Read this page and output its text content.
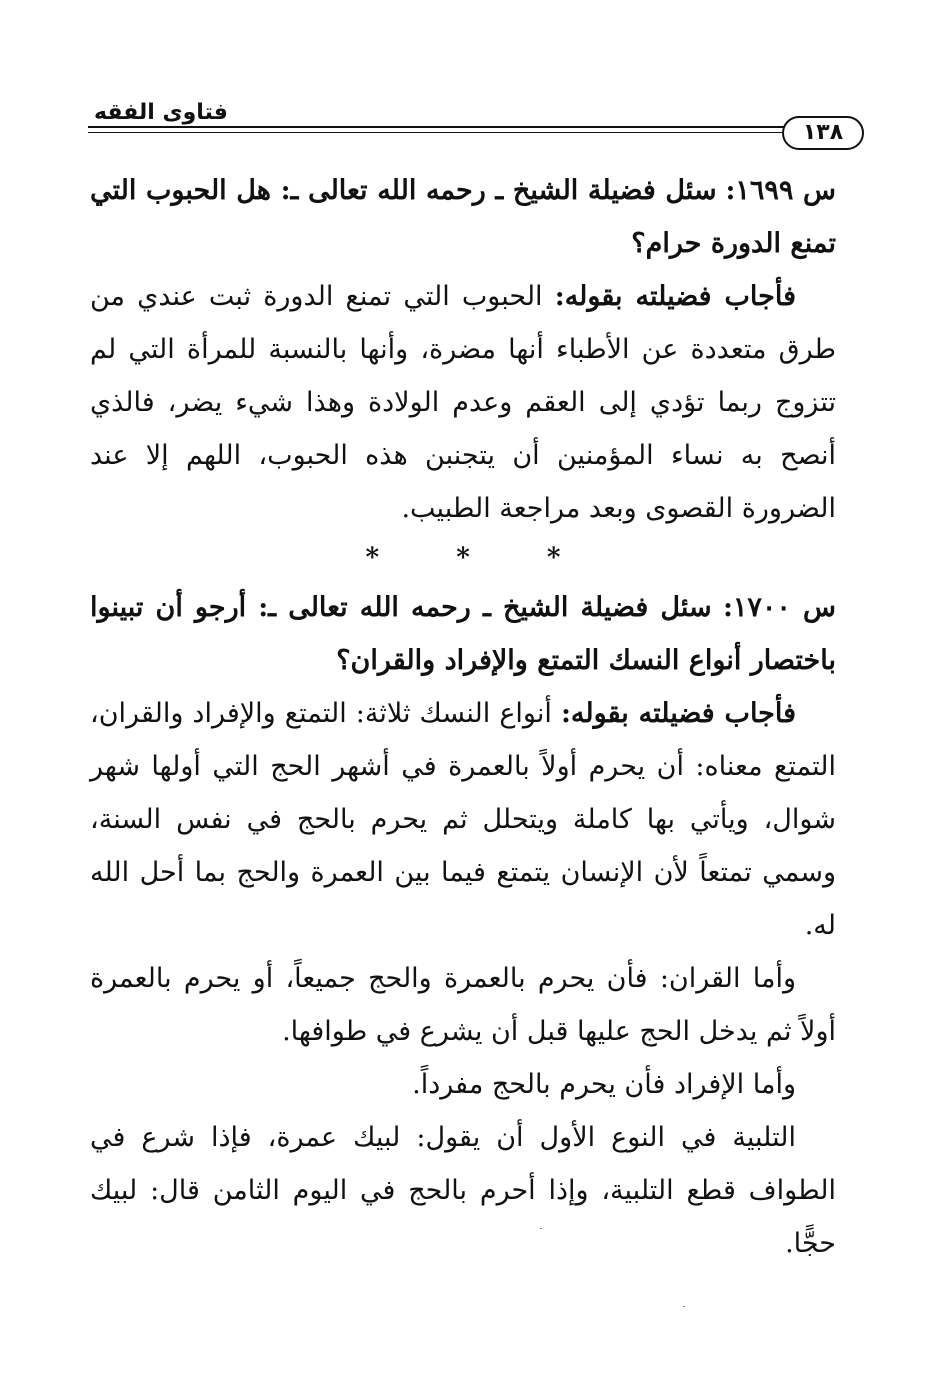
فتاوى الفقه
١٣٨

س ١٦٩٩: سئل فضيلة الشيخ ـ رحمه الله تعالى ـ: هل الحبوب التي تمنع الدورة حرام؟

فأجاب فضيلته بقوله: الحبوب التي تمنع الدورة ثبت عندي من طرق متعددة عن الأطباء أنها مضرة، وأنها بالنسبة للمرأة التي لم تتزوج ربما تؤدي إلى العقم وعدم الولادة وهذا شيء يضر، فالذي أنصح به نساء المؤمنين أن يتجنبن هذه الحبوب، اللهم إلا عند الضرورة القصوى وبعد مراجعة الطبيب.

* * *

س ١٧٠٠: سئل فضيلة الشيخ ـ رحمه الله تعالى ـ: أرجو أن تبينوا باختصار أنواع النسك التمتع والإفراد والقران؟

فأجاب فضيلته بقوله: أنواع النسك ثلاثة: التمتع والإفراد والقران، التمتع معناه: أن يحرم أولاً بالعمرة في أشهر الحج التي أولها شهر شوال، ويأتي بها كاملة ويتحلل ثم يحرم بالحج في نفس السنة، وسمي تمتعاً لأن الإنسان يتمتع فيما بين العمرة والحج بما أحل الله له.

وأما القران: فأن يحرم بالعمرة والحج جميعاً، أو يحرم بالعمرة أولاً ثم يدخل الحج عليها قبل أن يشرع في طوافها.

وأما الإفراد فأن يحرم بالحج مفرداً.

التلبية في النوع الأول أن يقول: لبيك عمرة، فإذا شرع في الطواف قطع التلبية، وإذا أحرم بالحج في اليوم الثامن قال: لبيك حجًّا.
